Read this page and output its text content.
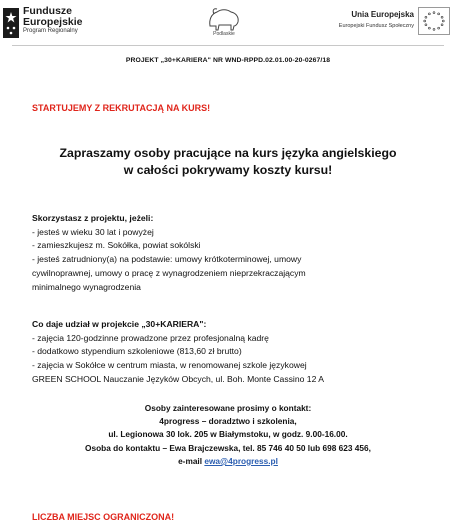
Fundusze
Europejskie
Program Regionalny	Podlaskie
Unia Europejska
Europejski Fundusz Społeczny
PROJEKT „30+KARIERA" NR WND-RPPD.02.01.00-20-0267/18
STARTUJEMY Z REKRUTACJĄ NA KURS!
Zapraszamy osoby pracujące na kurs języka angielskiego
w całości pokrywamy koszty kursu!
Skorzystasz z projektu, jeżeli:
- jesteś w wieku 30 lat i powyżej
- zamieszkujesz m. Sokółka, powiat sokólski
- jesteś zatrudniony(a) na podstawie: umowy krótkoterminowej, umowy
cywilnoprawnej, umowy o pracę z wynagrodzeniem nieprzekraczającym
minimalnego wynagrodzenia
Co daje udział w projekcie „30+KARIERA":
- zajęcia 120-godzinne prowadzone przez profesjonalną kadrę
- dodatkowo stypendium szkoleniowe (813,60 zł brutto)
- zajęcia w Sokółce w centrum miasta, w renomowanej szkole językowej
GREEN SCHOOL Nauczanie Języków Obcych, ul. Boh. Monte Cassino 12 A
Osoby zainteresowane prosimy o kontakt:
4progress – doradztwo i szkolenia,
ul. Legionowa 30 lok. 205 w Białymstoku, w godz. 9.00-16.00.
Osoba do kontaktu – Ewa Brajczewska, tel. 85 746 40 50 lub 698 623 456,
e-mail ewa@4progress.pl
LICZBA MIEJSC OGRANICZONA!
